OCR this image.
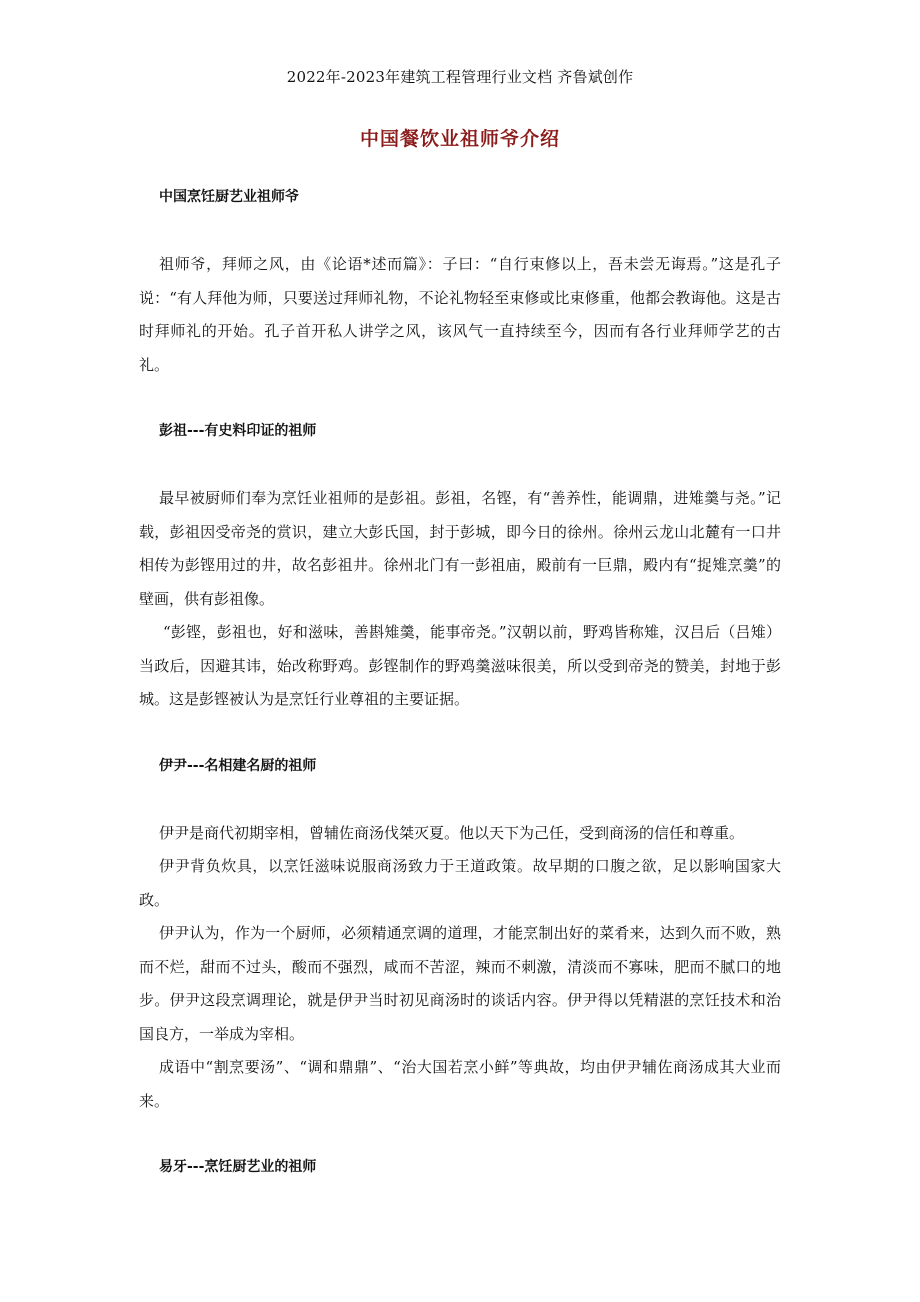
2022年-2023年建筑工程管理行业文档 齐鲁斌创作
中国餐饮业祖师爷介绍
中国烹饪厨艺业祖师爷

祖师爷，拜师之风，由《论语*述而篇》：子曰：“自行束修以上，吾未尝无诲焉。”这是孔子说：“有人拜他为师，只要送过拜师礼物，不论礼物轻至束修或比束修重，他都会教诲他。这是古时拜师礼的开始。孔子首开私人讲学之风，该风气一直持续至今，因而有各行业拜师学艺的古礼。

彭祖---有史料印证的祖师

最早被厨师们奉为烹饪业祖师的是彭祖。彭祖，名铿，有“善养性，能调鼎，进雉羹与尧。”记载，彭祖因受帝尧的赏识，建立大彭氏国，封于彭城，即今日的徐州。徐州云龙山北麓有一口井相传为彭铿用过的井，故名彭祖井。徐州北门有一彭祖庙，殿前有一巨鼎，殿内有“捉雉烹羹”的壁画，供有彭祖像。

“彭铿，彭祖也，好和滋味，善斟雉羹，能事帝尧。”汉朝以前，野鸡皆称雉，汉吕后（吕雉）当政后，因避其讳，始改称野鸡。彭铿制作的野鸡羹滋味很美，所以受到帝尧的赞美，封地于彭城。这是彭铿被认为是烹饪行业尊祖的主要证据。

伊尹---名相建名厨的祖师

伊尹是商代初期宰相，曾辅佐商汤伐桀灭夏。他以天下为己任，受到商汤的信任和尊重。

伊尹背负炊具，以烹饪滋味说服商汤致力于王道政策。故早期的口腹之欲，足以影响国家大政。

伊尹认为，作为一个厨师，必须精通烹调的道理，才能烹制出好的菜肴来，达到久而不败，熟而不烂，甜而不过头，酸而不强烈，咸而不苦涩，辣而不刺激，清淡而不寡味，肥而不腻口的地步。伊尹这段烹调理论，就是伊尹当时初见商汤时的谈话内容。伊尹得以凭精湛的烹饪技术和治国良方，一举成为宰相。

成语中“割烹要汤”、“调和鼎鼎”、“治大国若烹小鲜”等典故，均由伊尹辅佐商汤成其大业而来。

易牙---烹饪厨艺业的祖师
